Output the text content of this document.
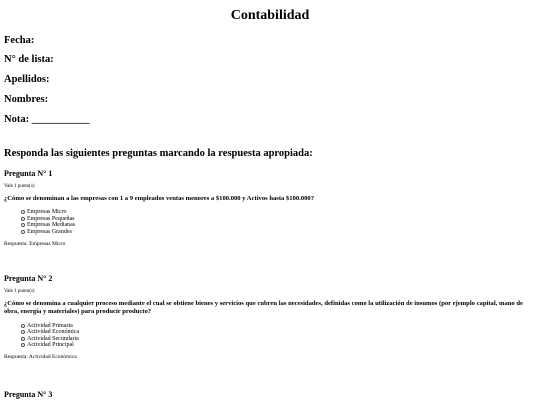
Contabilidad
Fecha:
N° de lista:
Apellidos:
Nombres:
Nota: ___________
Responda las siguientes preguntas marcando la respuesta apropiada:
Pregunta N° 1
Vale 1 punto(s)
¿Cómo se denominan a las empresas con 1 a 9 empleados ventas menores a $100.000 y Activos hasta $100.000?
Empresas Micro
Empresas Pequeñas
Empresas Medianas
Empresas Grandes
Respuesta: Empresas Micro
Pregunta N° 2
Vale 1 punto(s)
¿Cómo se denomina a cualquier proceso mediante el cual se obtiene bienes y servicios que cubren las necesidades, definidas como la utilización de insumos (por ejemplo capital, mano de obra, energía y materiales) para producir producto?
Actividad Primaria
Actividad Económica
Actividad Secundaria
Actividad Principal
Respuesta: Actividad Económica
Pregunta N° 3
